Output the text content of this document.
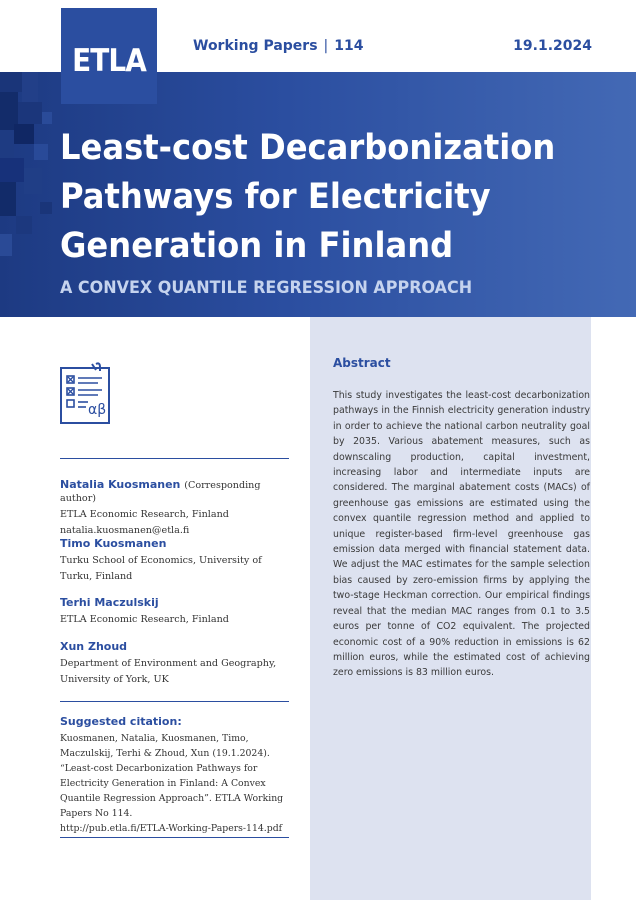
ETLA	Working Papers | 114	19.1.2024
Least-cost Decarbonization Pathways for Electricity Generation in Finland
A CONVEX QUANTILE REGRESSION APPROACH
Abstract

This study investigates the least-cost decarbonization pathways in the Finnish electricity generation industry in order to achieve the national carbon neutrality goal by 2035. Various abatement measures, such as downscaling production, capital investment, increasing labor and intermediate inputs are considered. The marginal abatement costs (MACs) of greenhouse gas emissions are estimated using the convex quantile regression method and applied to unique register-based firm-level greenhouse gas emission data merged with financial statement data. We adjust the MAC estimates for the sample selection bias caused by zero-emission firms by applying the two-stage Heckman correction. Our empirical findings reveal that the median MAC ranges from 0.1 to 3.5 euros per tonne of CO2 equivalent. The projected economic cost of a 90% reduction in emissions is 62 million euros, while the estimated cost of achieving zero emissions is 83 million euros.

αβ
Natalia Kuosmanen (Corresponding author)
ETLA Economic Research, Finland
natalia.kuosmanen@etla.fi
Timo Kuosmanen
Turku School of Economics, University of Turku, Finland
Terhi Maczulskij
ETLA Economic Research, Finland
Xun Zhoud
Department of Environment and Geography, University of York, UK
Suggested citation:

Kuosmanen, Natalia, Kuosmanen, Timo, Maczulskij, Terhi & Zhoud, Xun (19.1.2024). “Least-cost Decarbonization Pathways for Electricity Generation in Finland: A Convex Quantile Regression Approach”. ETLA Working Papers No 114.
http://pub.etla.fi/ETLA-Working-Papers-114.pdf
